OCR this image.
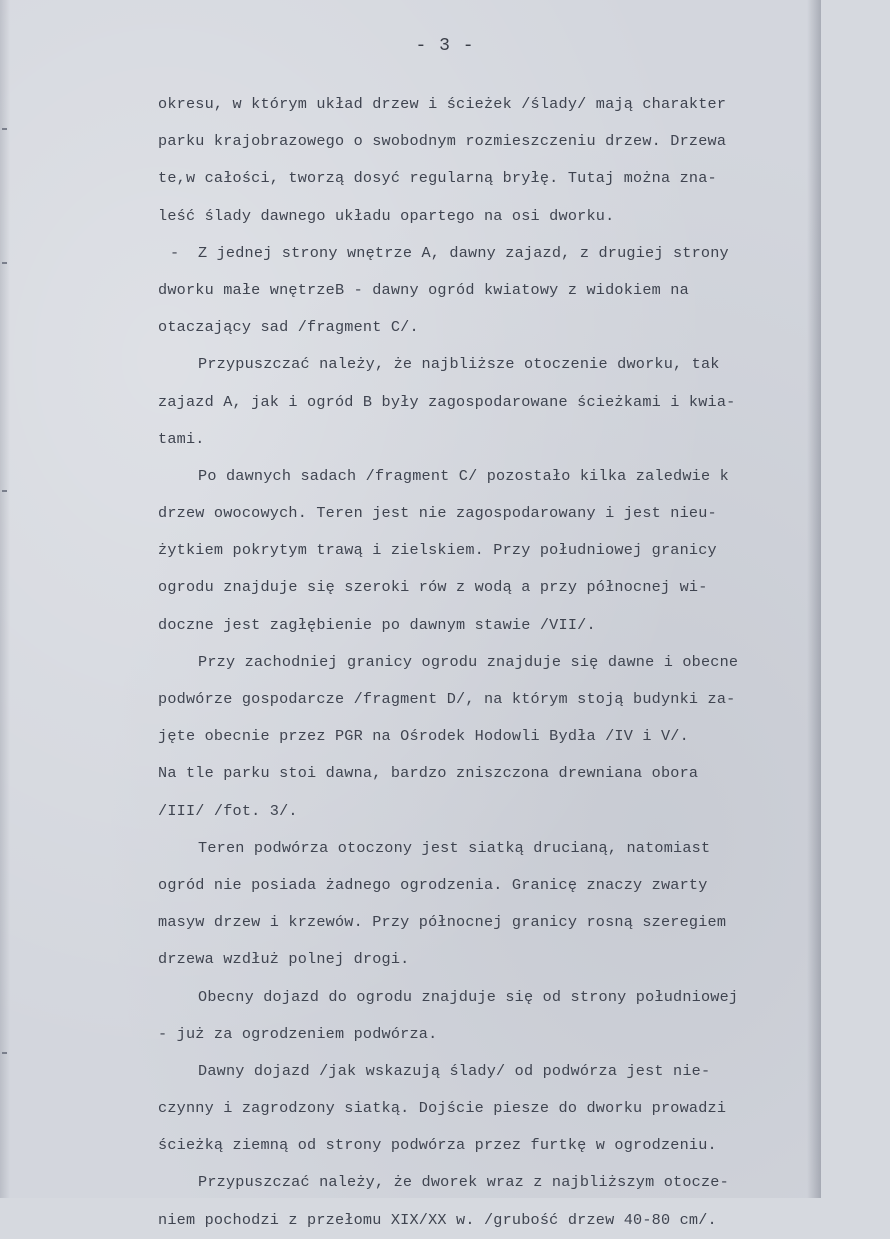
- 3 -
okresu, w którym układ drzew i ścieżek /ślady/ mają charakter
parku krajobrazowego o swobodnym rozmieszczeniu drzew. Drzewa
te,w całości, tworzą dosyć regularną bryłę. Tutaj można zna-
leść ślady dawnego układu opartego na osi dworku.
-  Z jednej strony wnętrze A, dawny zajazd, z drugiej strony
dworku małe wnętrzeB - dawny ogród kwiatowy z widokiem na
otaczający sad /fragment C/.
Przypuszczać należy, że najbliższe otoczenie dworku, tak
zajazd A, jak i ogród B były zagospodarowane ścieżkami i kwia-
tami.
Po dawnych sadach /fragment C/ pozostało kilka zaledwie k
drzew owocowych. Teren jest nie zagospodarowany i jest nieu-
żytkiem pokrytym trawą i zielskiem. Przy południowej granicy
ogrodu znajduje się szeroki rów z wodą a przy północnej wi-
doczne jest zagłębienie po dawnym stawie /VII/.
Przy zachodniej granicy ogrodu znajduje się dawne i obecne
podwórze gospodarcze /fragment D/, na którym stoją budynki za-
jęte obecnie przez PGR na Ośrodek Hodowli Bydła /IV i V/.
Na tle parku stoi dawna, bardzo zniszczona drewniana obora
/III/ /fot. 3/.
Teren podwórza otoczony jest siatką drucianą, natomiast
ogród nie posiada żadnego ogrodzenia. Granicę znaczy zwarty
masyw drzew i krzewów. Przy północnej granicy rosną szeregiem
drzewa wzdłuż polnej drogi.
Obecny dojazd do ogrodu znajduje się od strony południowej
- już za ogrodzeniem podwórza.
Dawny dojazd /jak wskazują ślady/ od podwórza jest nie-
czynny i zagrodzony siatką. Dojście piesze do dworku prowadzi
ścieżką ziemną od strony podwórza przez furtkę w ogrodzeniu.
Przypuszczać należy, że dworek wraz z najbliższym otocze-
niem pochodzi z przełomu XIX/XX w. /grubość drzew 40-80 cm/.
